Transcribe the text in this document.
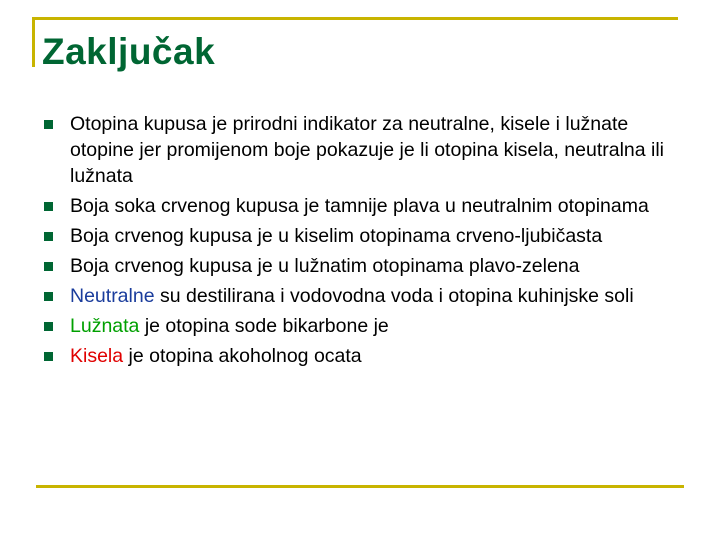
Zaključak
Otopina kupusa je prirodni indikator za neutralne, kisele i lužnate otopine jer promijenom boje pokazuje je li otopina kisela, neutralna ili lužnata
Boja soka crvenog kupusa je tamnije plava u neutralnim otopinama
Boja crvenog kupusa je u kiselim otopinama crveno-ljubičasta
Boja crvenog kupusa je u lužnatim otopinama plavo-zelena
Neutralne su destilirana i vodovodna voda i otopina kuhinjske soli
Lužnata je otopina sode bikarbone je
Kisela je otopina akoholnog ocata
